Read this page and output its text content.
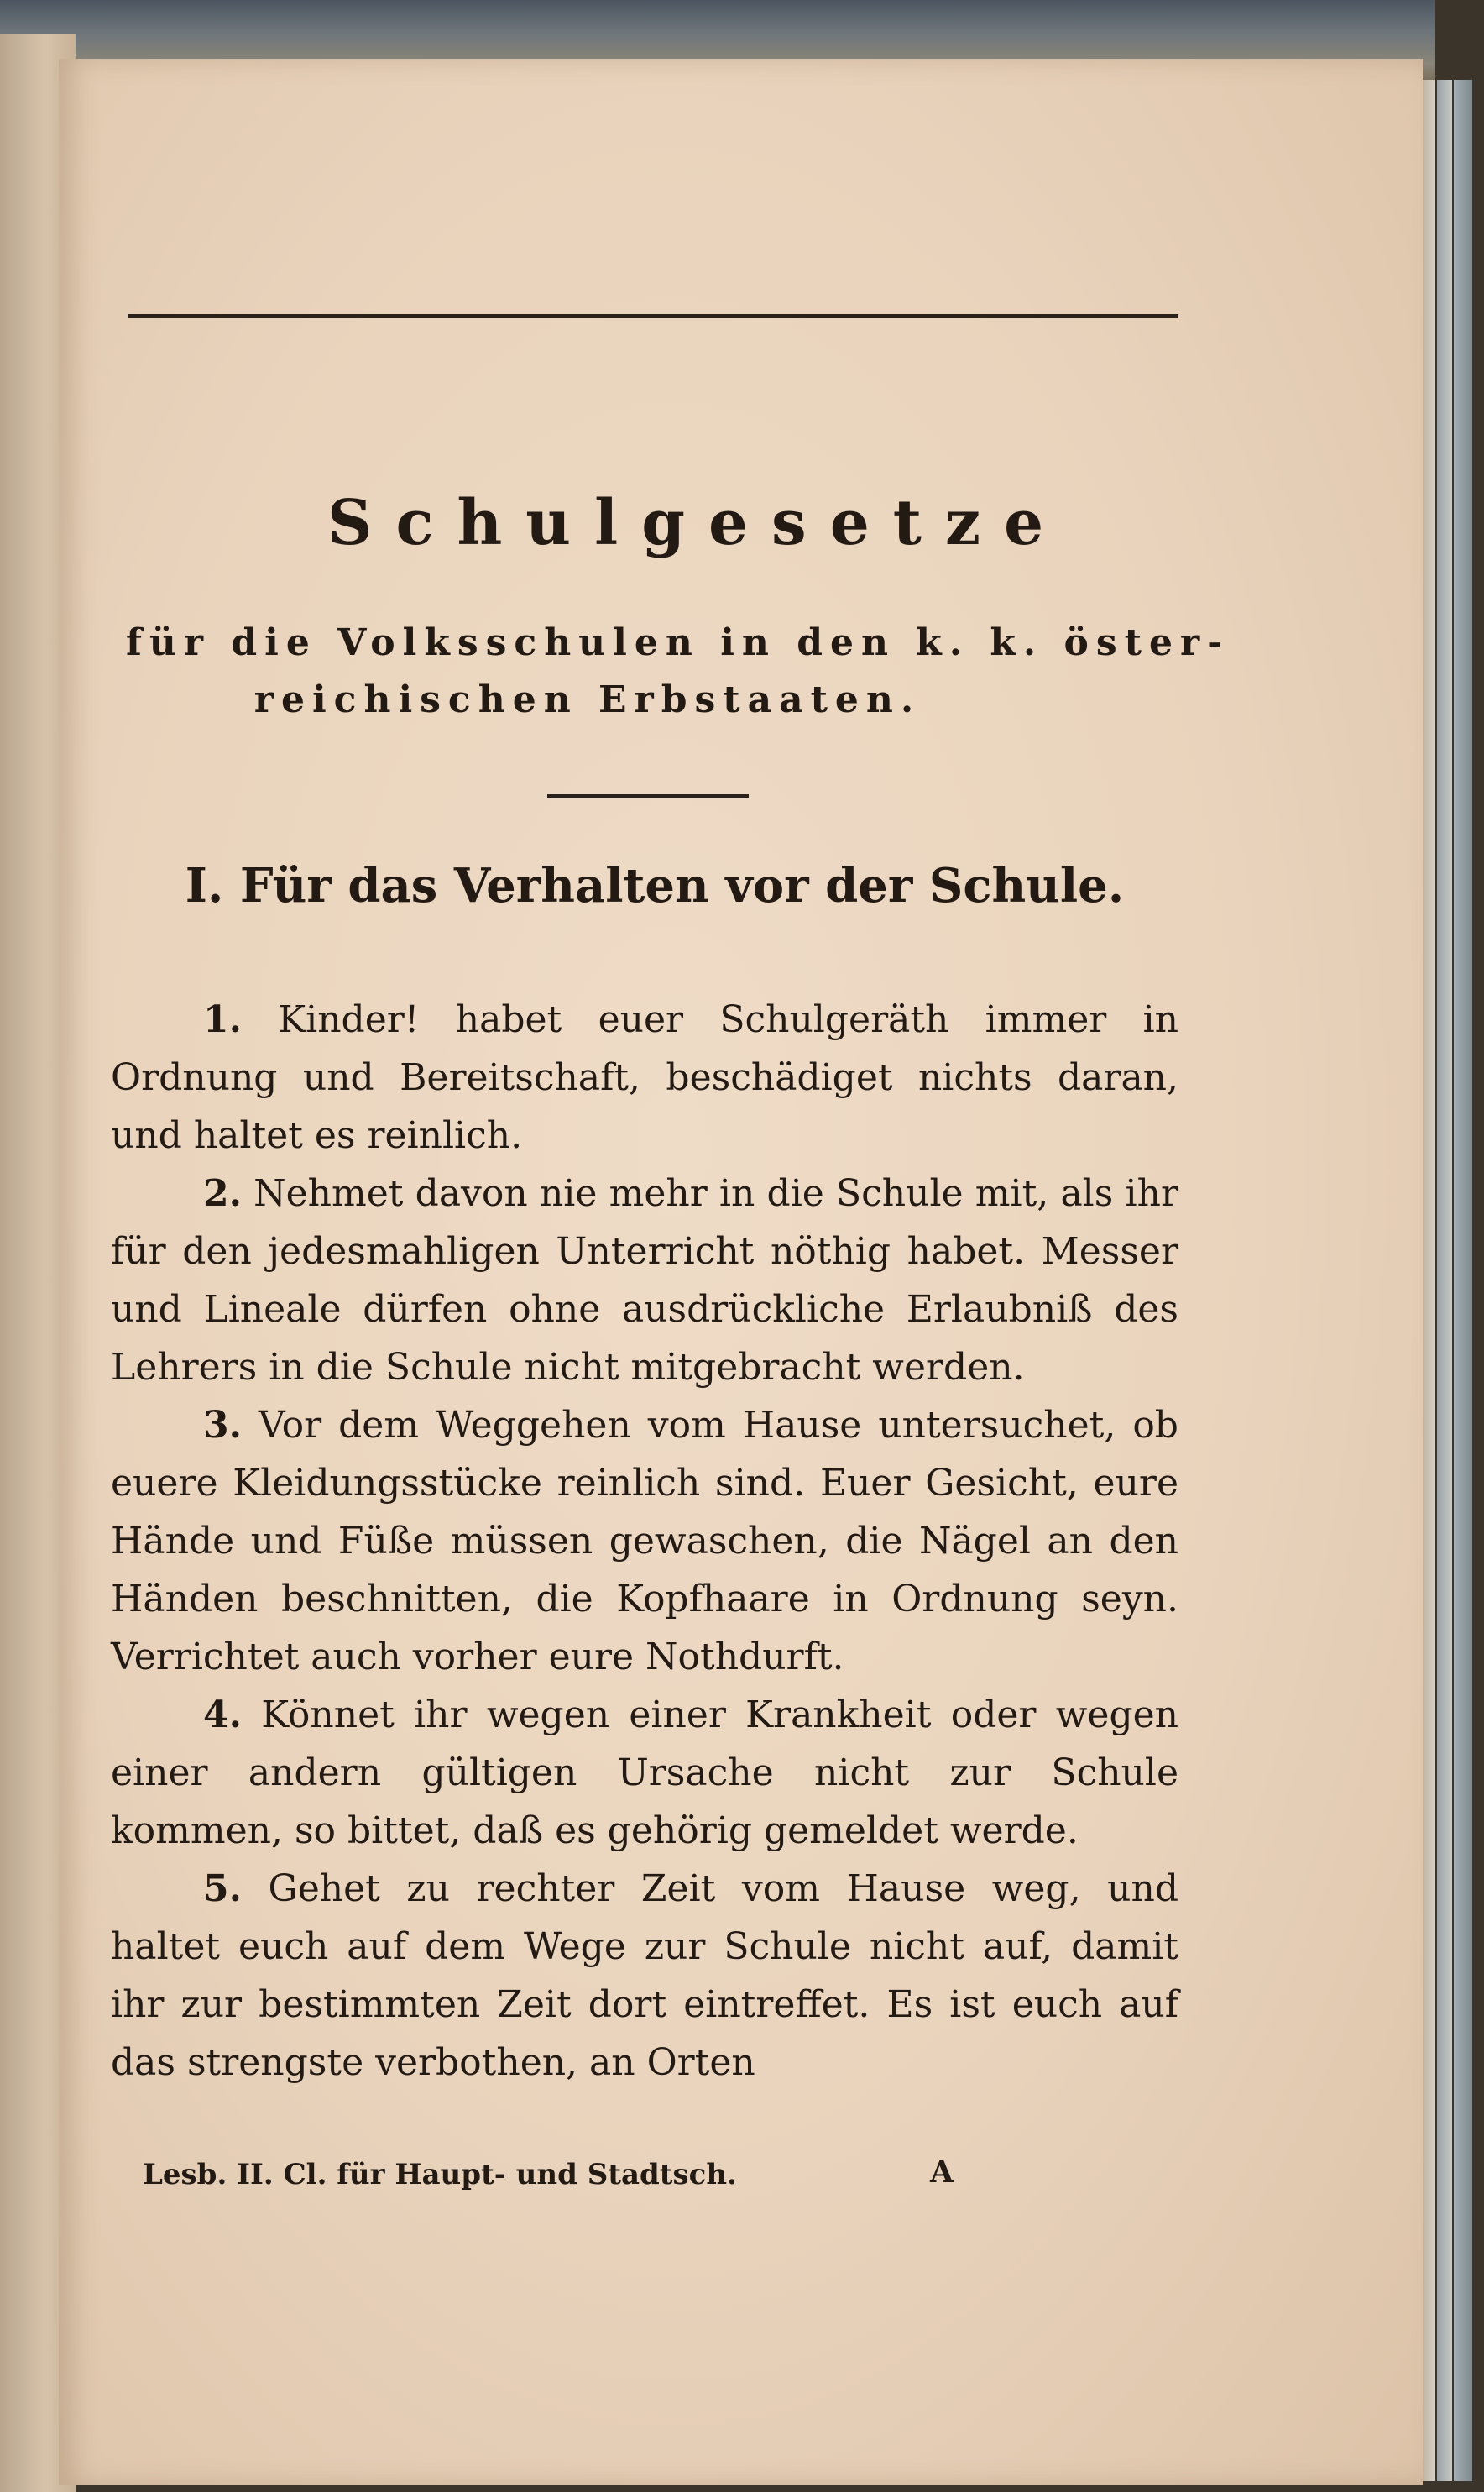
Schulgesetze
für die Volksschulen in den k. k. öster-
reichischen Erbstaaten.
I. Für das Verhalten vor der Schule.

1. Kinder! habet euer Schulgeräth immer in Ordnung und Bereitschaft, beschädiget nichts daran, und haltet es reinlich.

2. Nehmet davon nie mehr in die Schule mit, als ihr für den jedesmahligen Unterricht nöthig habet. Messer und Lineale dürfen ohne ausdrückliche Erlaubniß des Lehrers in die Schule nicht mitgebracht werden.

3. Vor dem Weggehen vom Hause untersuchet, ob euere Kleidungsstücke reinlich sind. Euer Gesicht, eure Hände und Füße müssen gewaschen, die Nägel an den Händen beschnitten, die Kopfhaare in Ordnung seyn. Verrichtet auch vorher eure Nothdurft.

4. Könnet ihr wegen einer Krankheit oder wegen einer andern gültigen Ursache nicht zur Schule kommen, so bittet, daß es gehörig gemeldet werde.

5. Gehet zu rechter Zeit vom Hause weg, und haltet euch auf dem Wege zur Schule nicht auf, damit ihr zur bestimmten Zeit dort eintreffet. Es ist euch auf das strengste verbothen, an Orten

Lesb. II. Cl. für Haupt- und Stadtsch.	A
